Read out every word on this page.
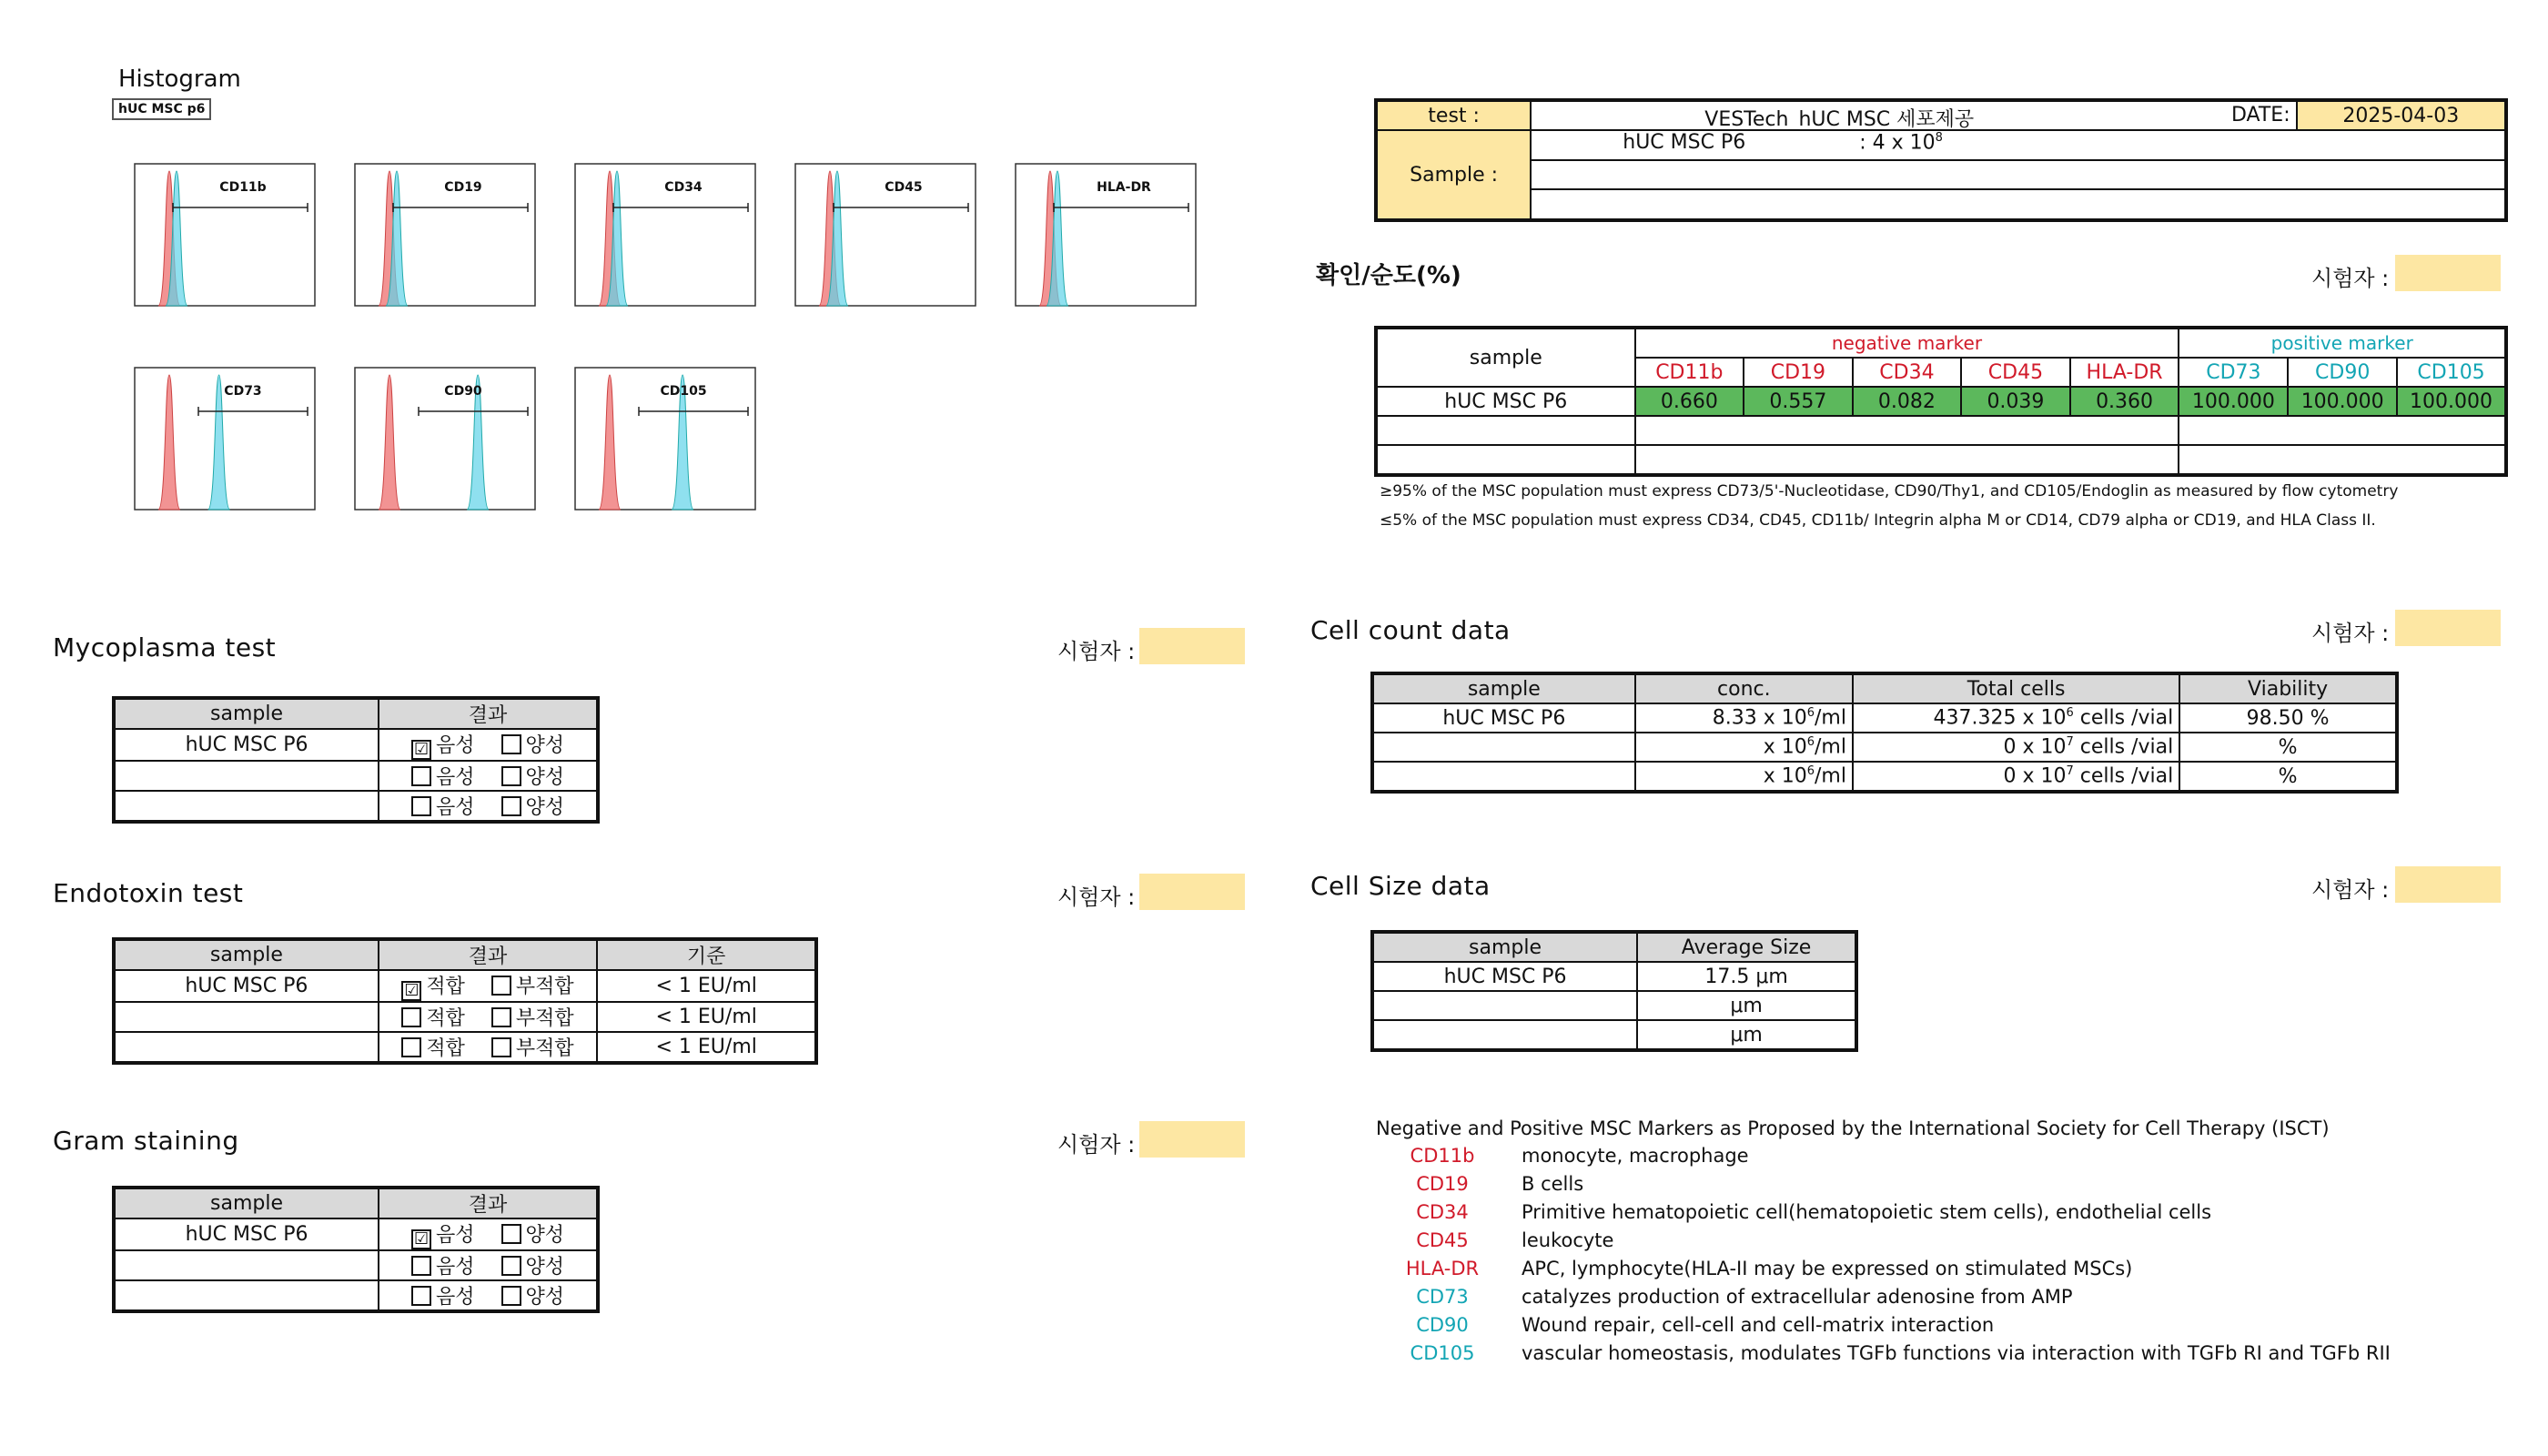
Histogram
hUC MSC p6
CD11b	CD19	CD34	CD45	HLA-DR
CD73	CD90	CD105
Mycoplasma test	시험자 :
sample	결과
hUC MSC P6	☑ 음성 양성
	음성 양성
	음성 양성
Endotoxin test	시험자 :
sample	결과	기준
hUC MSC P6	☑ 적합 부적합	< 1 EU/ml
	적합 부적합	< 1 EU/ml
	적합 부적합	< 1 EU/ml
Gram staining	시험자 :
sample	결과
hUC MSC P6	☑ 음성 양성
	음성 양성
	음성 양성
test :	VESTech_hUC MSC 세포제공 DATE:	2025-04-03
Sample :	hUC MSC P6 : 4 x $10^8$

확인/순도(%)	시험자 :
sample	negative marker					positive marker		
	CD11b	CD19	CD34	CD45	HLA-DR	CD73	CD90	CD105
hUC MSC P6	0.660	0.557	0.082	0.039	0.360	100.000	100.000	100.000

≥95% of the MSC population must express CD73/5'-Nucleotidase, CD90/Thy1, and CD105/Endoglin as measured by flow cytometry
≤5% of the MSC population must express CD34, CD45, CD11b/ Integrin alpha M or CD14, CD79 alpha or CD19, and HLA Class II.
Cell count data	시험자 :
sample	conc.	Total cells	Viability
hUC MSC P6	8.33 x $10^6/ml$	437.325 x $10^6$ cells /vial	98.50 %
	x $10^6/ml$	0 x $10^7$ cells /vial	%
	x $10^6/ml$	0 x $10^7$ cells /vial	%
Cell Size data	시험자 :
sample	Average Size
hUC MSC P6	17.5 μm
	μm
	μm
Negative and Positive MSC Markers as Proposed by the International Society for Cell Therapy (ISCT)
CD11b	monocyte, macrophage
CD19	B cells
CD34	Primitive hematopoietic cell(hematopoietic stem cells), endothelial cells
CD45	leukocyte
HLA-DR	APC, lymphocyte(HLA-II may be expressed on stimulated MSCs)
CD73	catalyzes production of extracellular adenosine from AMP
CD90	Wound repair, cell-cell and cell-matrix interaction
CD105	vascular homeostasis, modulates TGFb functions via interaction with TGFb RI and TGFb RII
